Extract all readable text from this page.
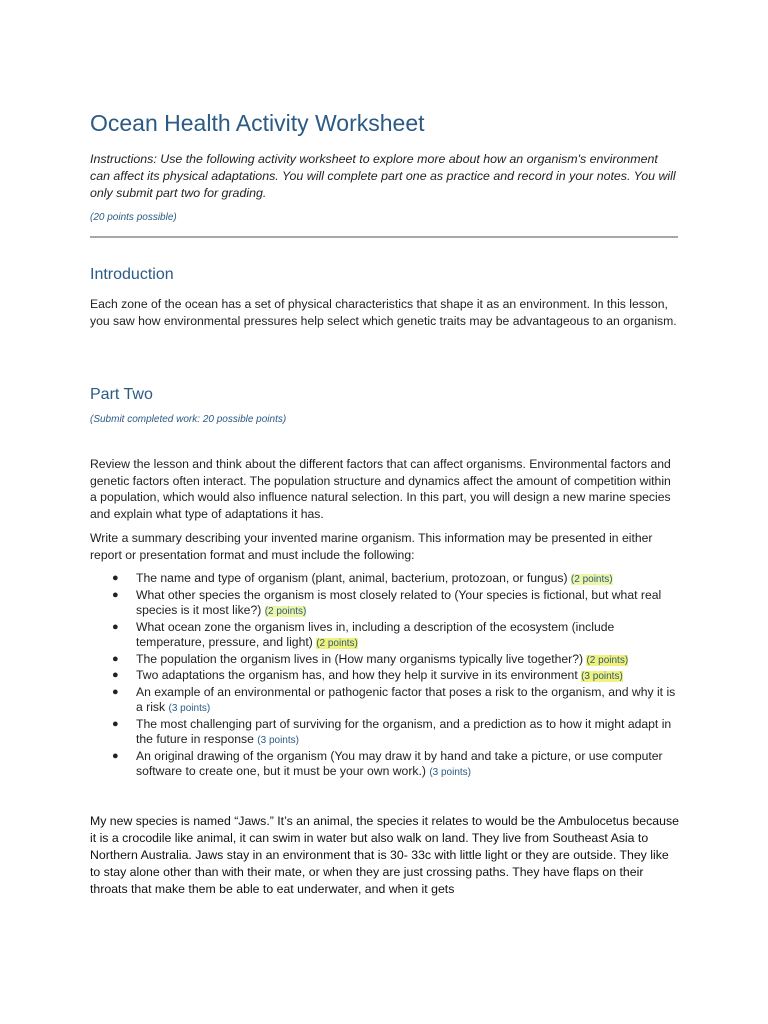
Ocean Health Activity Worksheet

Instructions: Use the following activity worksheet to explore more about how an organism's environment can affect its physical adaptations. You will complete part one as practice and record in your notes. You will only submit part two for grading.

(20 points possible)

Introduction

Each zone of the ocean has a set of physical characteristics that shape it as an environment. In this lesson, you saw how environmental pressures help select which genetic traits may be advantageous to an organism.

Part Two

(Submit completed work: 20 possible points)

Review the lesson and think about the different factors that can affect organisms. Environmental factors and genetic factors often interact. The population structure and dynamics affect the amount of competition within a population, which would also influence natural selection. In this part, you will design a new marine species and explain what type of adaptations it has.

Write a summary describing your invented marine organism. This information may be presented in either report or presentation format and must include the following:

● The name and type of organism (plant, animal, bacterium, protozoan, or fungus) (2 points)
● What other species the organism is most closely related to (Your species is fictional, but what real species is it most like?) (2 points)
● What ocean zone the organism lives in, including a description of the ecosystem (include temperature, pressure, and light) (2 points)
● The population the organism lives in (How many organisms typically live together?) (2 points)
● Two adaptations the organism has, and how they help it survive in its environment (3 points)
● An example of an environmental or pathogenic factor that poses a risk to the organism, and why it is a risk (3 points)
● The most challenging part of surviving for the organism, and a prediction as to how it might adapt in the future in response (3 points)
● An original drawing of the organism (You may draw it by hand and take a picture, or use computer software to create one, but it must be your own work.) (3 points)

My new species is named “Jaws.” It’s an animal, the species it relates to would be the Ambulocetus because it is a crocodile like animal, it can swim in water but also walk on land. They live from Southeast Asia to Northern Australia. Jaws stay in an environment that is 30- 33c with little light or they are outside. They like to stay alone other than with their mate, or when they are just crossing paths. They have flaps on their throats that make them be able to eat underwater, and when it gets
